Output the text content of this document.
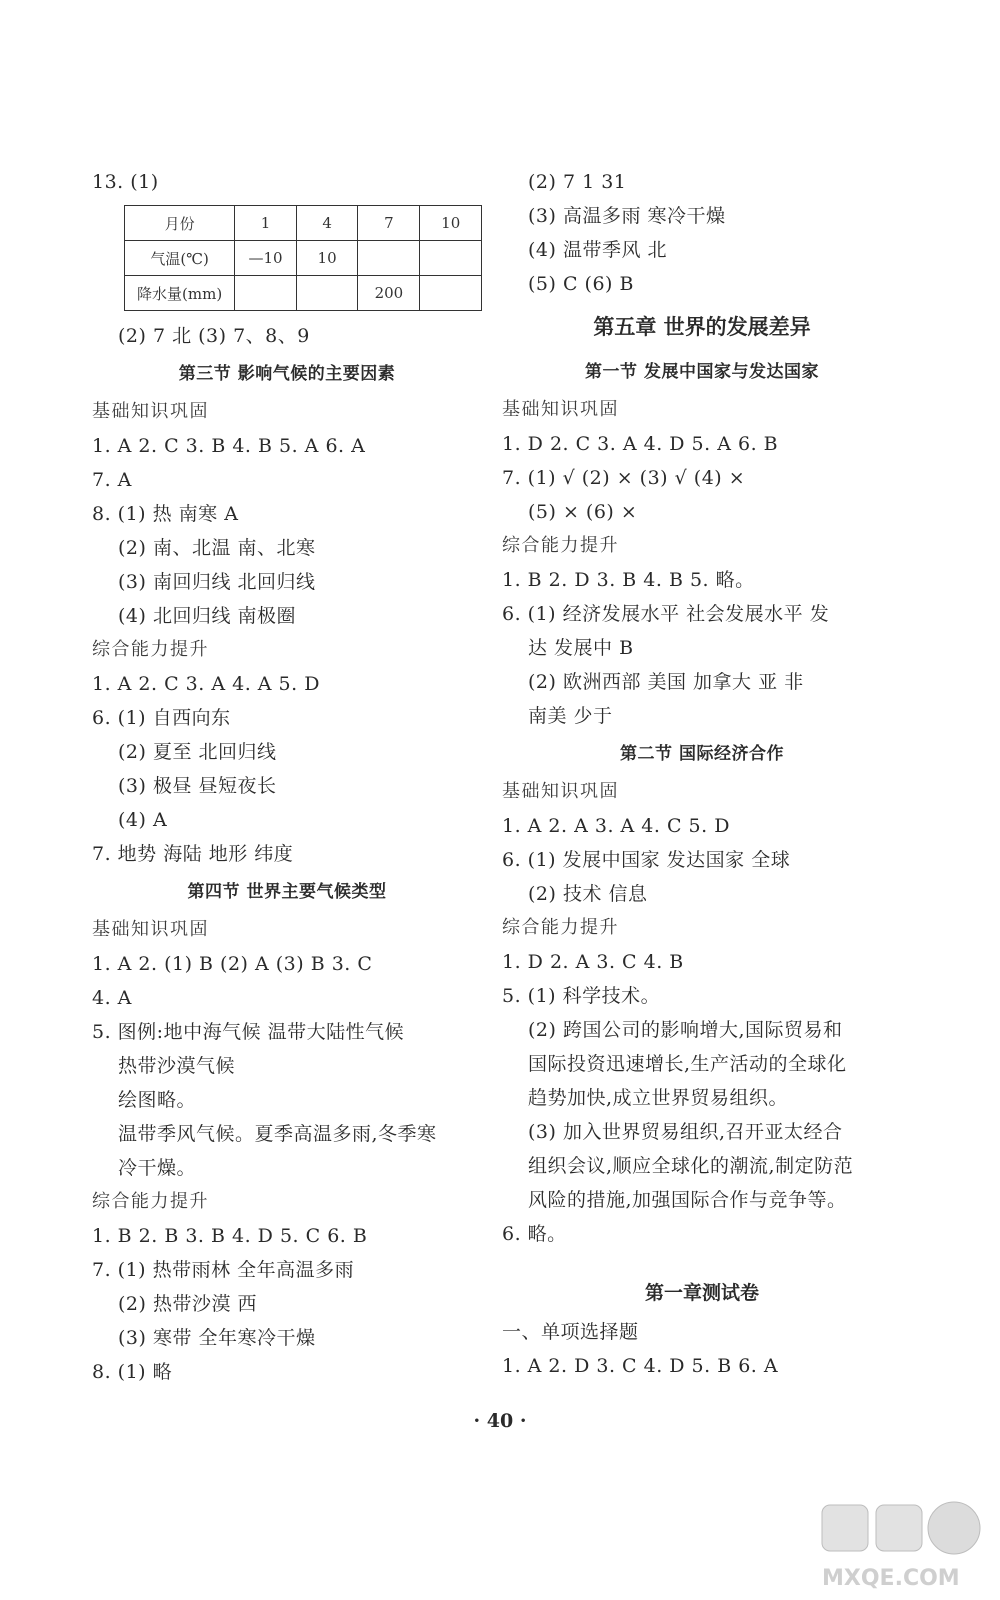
13. (1)
月份	1	4	7	10
气温(℃)	—10	10		
降水量(mm)			200	
(2) 7 北 (3) 7、8、9
第三节 影响气候的主要因素
基础知识巩固
1. A 2. C 3. B 4. B 5. A 6. A
7. A
8. (1) 热 南寒 A
(2) 南、北温 南、北寒
(3) 南回归线 北回归线
(4) 北回归线 南极圈
综合能力提升
1. A 2. C 3. A 4. A 5. D
6. (1) 自西向东
(2) 夏至 北回归线
(3) 极昼 昼短夜长
(4) A
7. 地势 海陆 地形 纬度
第四节 世界主要气候类型
基础知识巩固
1. A 2. (1) B (2) A (3) B 3. C
4. A
5. 图例:地中海气候 温带大陆性气候
热带沙漠气候
绘图略。
温带季风气候。夏季高温多雨,冬季寒
冷干燥。
综合能力提升
1. B 2. B 3. B 4. D 5. C 6. B
7. (1) 热带雨林 全年高温多雨
(2) 热带沙漠 西
(3) 寒带 全年寒冷干燥
8. (1) 略
(2) 7 1 31
(3) 高温多雨 寒冷干燥
(4) 温带季风 北
(5) C (6) B
第五章 世界的发展差异
第一节 发展中国家与发达国家
基础知识巩固
1. D 2. C 3. A 4. D 5. A 6. B
7. (1) √ (2) × (3) √ (4) ×
(5) × (6) ×
综合能力提升
1. B 2. D 3. B 4. B 5. 略。
6. (1) 经济发展水平 社会发展水平 发
达 发展中 B
(2) 欧洲西部 美国 加拿大 亚 非
南美 少于
第二节 国际经济合作
基础知识巩固
1. A 2. A 3. A 4. C 5. D
6. (1) 发展中国家 发达国家 全球
(2) 技术 信息
综合能力提升
1. D 2. A 3. C 4. B
5. (1) 科学技术。
(2) 跨国公司的影响增大,国际贸易和
国际投资迅速增长,生产活动的全球化
趋势加快,成立世界贸易组织。
(3) 加入世界贸易组织,召开亚太经合
组织会议,顺应全球化的潮流,制定防范
风险的措施,加强国际合作与竞争等。
6. 略。
第一章测试卷
一、单项选择题
1. A 2. D 3. C 4. D 5. B 6. A
· 40 ·
MXQE.COM
